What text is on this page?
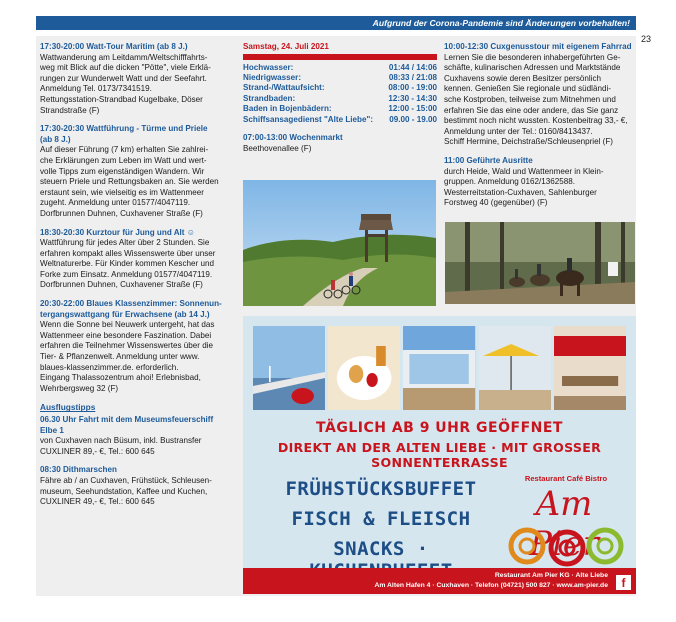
Aufgrund der Corona-Pandemie sind Änderungen vorbehalten!
23

17:30-20:00 Watt-Tour Maritim (ab 8 J.)

Wattwanderung am Leitdamm/Weltschifffahrts-
weg mit Blick auf die dicken "Pötte", viele Erklä-
rungen zur Wunderwelt Watt und der Seefahrt.
Anmeldung Tel. 0173/7341519.
Rettungsstation-Strandbad Kugelbake, Döser
Strandstraße (F)

17:30-20:30 Wattführung - Türme und Priele
(ab 8 J.)

Auf dieser Führung (7 km) erhalten Sie zahlrei-
che Erklärungen zum Leben im Watt und wert-
volle Tipps zum eigenständigen Wandern. Wir
steuern Priele und Rettungsbaken an. Sie werden
erstaunt sein, wie vielseitig es im Wattenmeer
zugeht. Anmeldung unter 01577/4047119.
Dorfbrunnen Duhnen, Cuxhavener Straße (F)

18:30-20:30 Kurztour für Jung und Alt ☺

Wattführung für jedes Alter über 2 Stunden. Sie
erfahren kompakt alles Wissenswerte über unser
Weltnaturerbe. Für Kinder kommen Kescher und
Forke zum Einsatz. Anmeldung 01577/4047119.
Dorfbrunnen Duhnen, Cuxhavener Straße (F)

20:30-22:00 Blaues Klassenzimmer: Sonnenun-
tergangswattgang für Erwachsene (ab 14 J.)

Wenn die Sonne bei Neuwerk untergeht, hat das
Wattenmeer eine besondere Faszination. Dabei
erfahren die Teilnehmer Wissenswertes über die
Tier- & Pflanzenwelt. Anmeldung unter www.
blaues-klassenzimmer.de. erforderlich.
Eingang Thalassozentrum ahoi! Erlebnisbad,
Wehrbergsweg 32 (F)

Ausflugstipps

06.30 Uhr Fahrt mit dem Museumsfeuerschiff
Elbe 1

von Cuxhaven nach Büsum, inkl. Bustransfer
CUXLINER 89,- €, Tel.: 600 645

08:30 Dithmarschen

Fähre ab / an Cuxhaven, Frühstück, Schleusen-
museum, Seehundstation, Kaffee und Kuchen,
CUXLINER 49,- €, Tel.: 600 645

Samstag, 24. Juli 2021
Hochwasser:	01:44 / 14:06
Niedrigwasser:	08:33 / 21:08
Strand-/Wattaufsicht:	08:00 - 19:00
Strandbaden:	12:30 - 14:30
Baden in Bojenbädern:	12:00 - 15:00
Schiffsansagedienst "Alte Liebe": 09.00 - 19.00

07:00-13:00 Wochenmarkt

Beethovenallee (F)

10:00-12:30 Cuxgenusstour mit eigenem Fahrrad

Lernen Sie die besonderen inhabergeführten Ge-
schäfte, kulinarischen Adressen und Marktstände
Cuxhavens sowie deren Besitzer persönlich
kennen. Genießen Sie regionale und südländi-
sche Kostproben, teilweise zum Mitnehmen und
erfahren Sie das eine oder andere, das Sie ganz
bestimmt noch nicht wussten. Kostenbeitrag 33,- €,
Anmeldung unter der Tel.: 0160/8413437.
Schiff Hermine, Deichstraße/Schleusenpriel (F)

11:00 Geführte Ausritte

durch Heide, Wald und Wattenmeer in Klein-
gruppen. Anmeldung 0162/1362588.
Westerreitstation-Cuxhaven, Sahlenburger
Forstweg 40 (gegenüber) (F)

TÄGLICH AB 9 UHR GEÖFFNET
DIREKT AN DER ALTEN LIEBE · MIT GROSSER SONNENTERRASSE
FRÜHSTÜCKSBUFFET
FISCH & FLEISCH
SNACKS ·
Restaurant Café Bistro
Am Pier
Restaurant Am Pier KG · Alte Liebe
Am Alten Hafen 4 · Cuxhaven · Telefon (04721) 500 827 · www.am-pier.de	f
